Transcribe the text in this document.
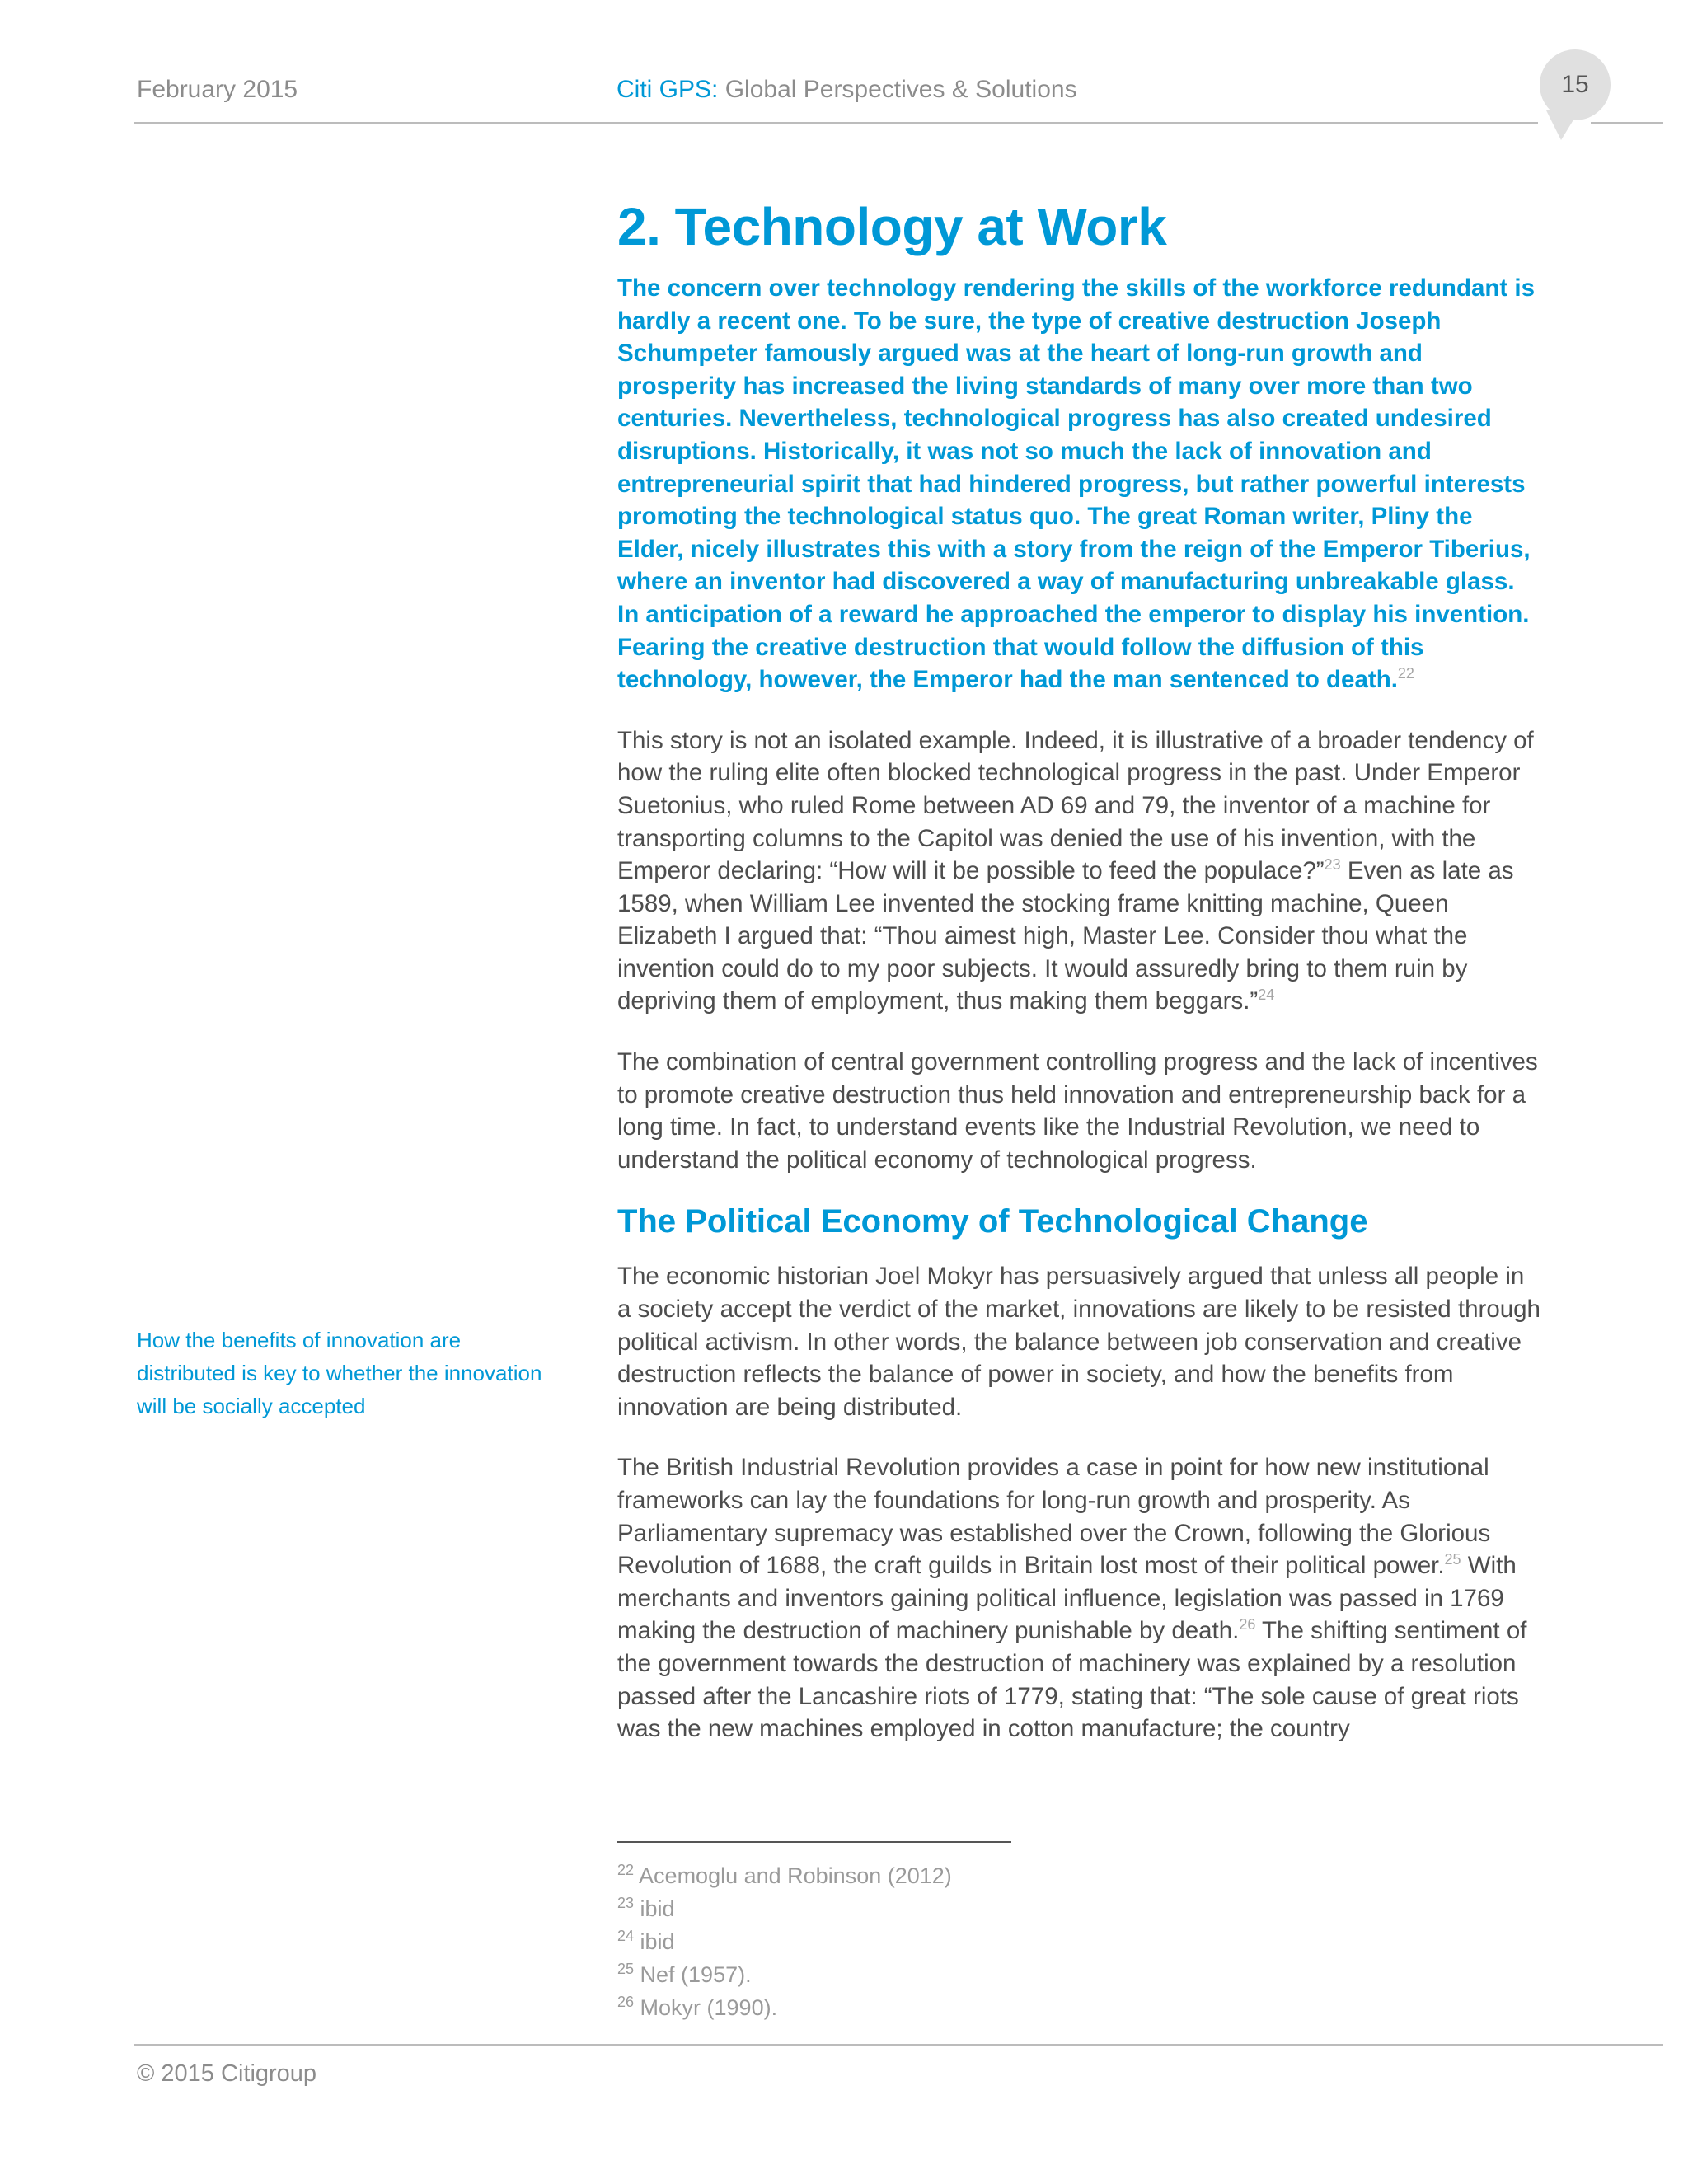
February 2015	Citi GPS: Global Perspectives & Solutions	15
How the benefits of innovation are distributed is key to whether the innovation will be socially accepted
2. Technology at Work

The concern over technology rendering the skills of the workforce redundant is hardly a recent one. To be sure, the type of creative destruction Joseph Schumpeter famously argued was at the heart of long-run growth and prosperity has increased the living standards of many over more than two centuries. Nevertheless, technological progress has also created undesired disruptions. Historically, it was not so much the lack of innovation and entrepreneurial spirit that had hindered progress, but rather powerful interests promoting the technological status quo. The great Roman writer, Pliny the Elder, nicely illustrates this with a story from the reign of the Emperor Tiberius, where an inventor had discovered a way of manufacturing unbreakable glass. In anticipation of a reward he approached the emperor to display his invention. Fearing the creative destruction that would follow the diffusion of this technology, however, the Emperor had the man sentenced to death.$^{22}$

This story is not an isolated example. Indeed, it is illustrative of a broader tendency of how the ruling elite often blocked technological progress in the past. Under Emperor Suetonius, who ruled Rome between AD 69 and 79, the inventor of a machine for transporting columns to the Capitol was denied the use of his invention, with the Emperor declaring: “How will it be possible to feed the populace?”$^{23}$ Even as late as 1589, when William Lee invented the stocking frame knitting machine, Queen Elizabeth I argued that: “Thou aimest high, Master Lee. Consider thou what the invention could do to my poor subjects. It would assuredly bring to them ruin by depriving them of employment, thus making them beggars.”$^{24}$

The combination of central government controlling progress and the lack of incentives to promote creative destruction thus held innovation and entrepreneurship back for a long time. In fact, to understand events like the Industrial Revolution, we need to understand the political economy of technological progress.

The Political Economy of Technological Change

The economic historian Joel Mokyr has persuasively argued that unless all people in a society accept the verdict of the market, innovations are likely to be resisted through political activism. In other words, the balance between job conservation and creative destruction reflects the balance of power in society, and how the benefits from innovation are being distributed.

The British Industrial Revolution provides a case in point for how new institutional frameworks can lay the foundations for long-run growth and prosperity. As Parliamentary supremacy was established over the Crown, following the Glorious Revolution of 1688, the craft guilds in Britain lost most of their political power.$^{25}$ With merchants and inventors gaining political influence, legislation was passed in 1769 making the destruction of machinery punishable by death.$^{26}$ The shifting sentiment of the government towards the destruction of machinery was explained by a resolution passed after the Lancashire riots of 1779, stating that: “The sole cause of great riots was the new machines employed in cotton manufacture; the country

$^{22}$ Acemoglu and Robinson (2012)
$^{23}$ ibid
$^{24}$ ibid
$^{25}$ Nef (1957).
$^{26}$ Mokyr (1990).
© 2015 Citigroup
